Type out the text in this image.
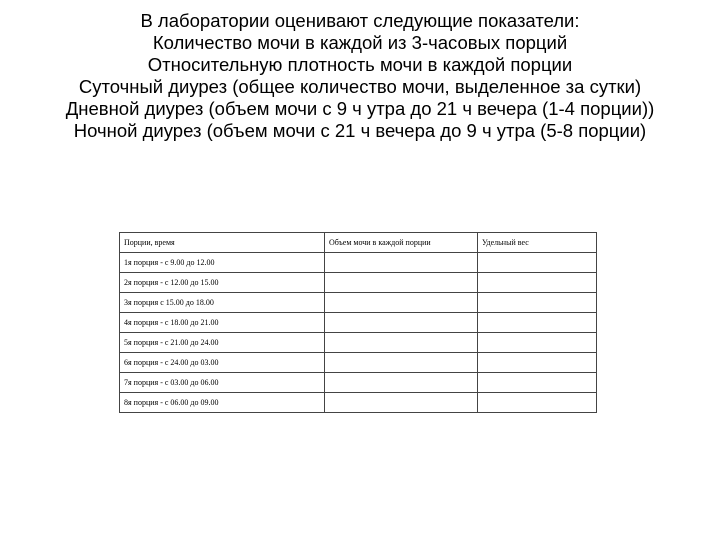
В лаборатории оценивают следующие показатели:
Количество мочи в каждой из 3-часовых порций
Относительную плотность мочи в каждой порции
Суточный диурез (общее количество мочи, выделенное за сутки)
Дневной диурез (объем мочи с 9 ч утра до 21 ч вечера (1-4 порции))
Ночной диурез (объем мочи с 21 ч вечера до 9 ч утра (5-8 порции)
Порции, время	Объем мочи в каждой порции	Удельный вес
1я порция - с 9.00 до 12.00		
2я порция - с 12.00 до 15.00		
3я порция с 15.00 до 18.00		
4я порция - с 18.00 до 21.00		
5я порция - с 21.00 до 24.00		
6я порция - с 24.00 до 03.00		
7я порция - с 03.00 до 06.00		
8я порция - с 06.00 до 09.00		
